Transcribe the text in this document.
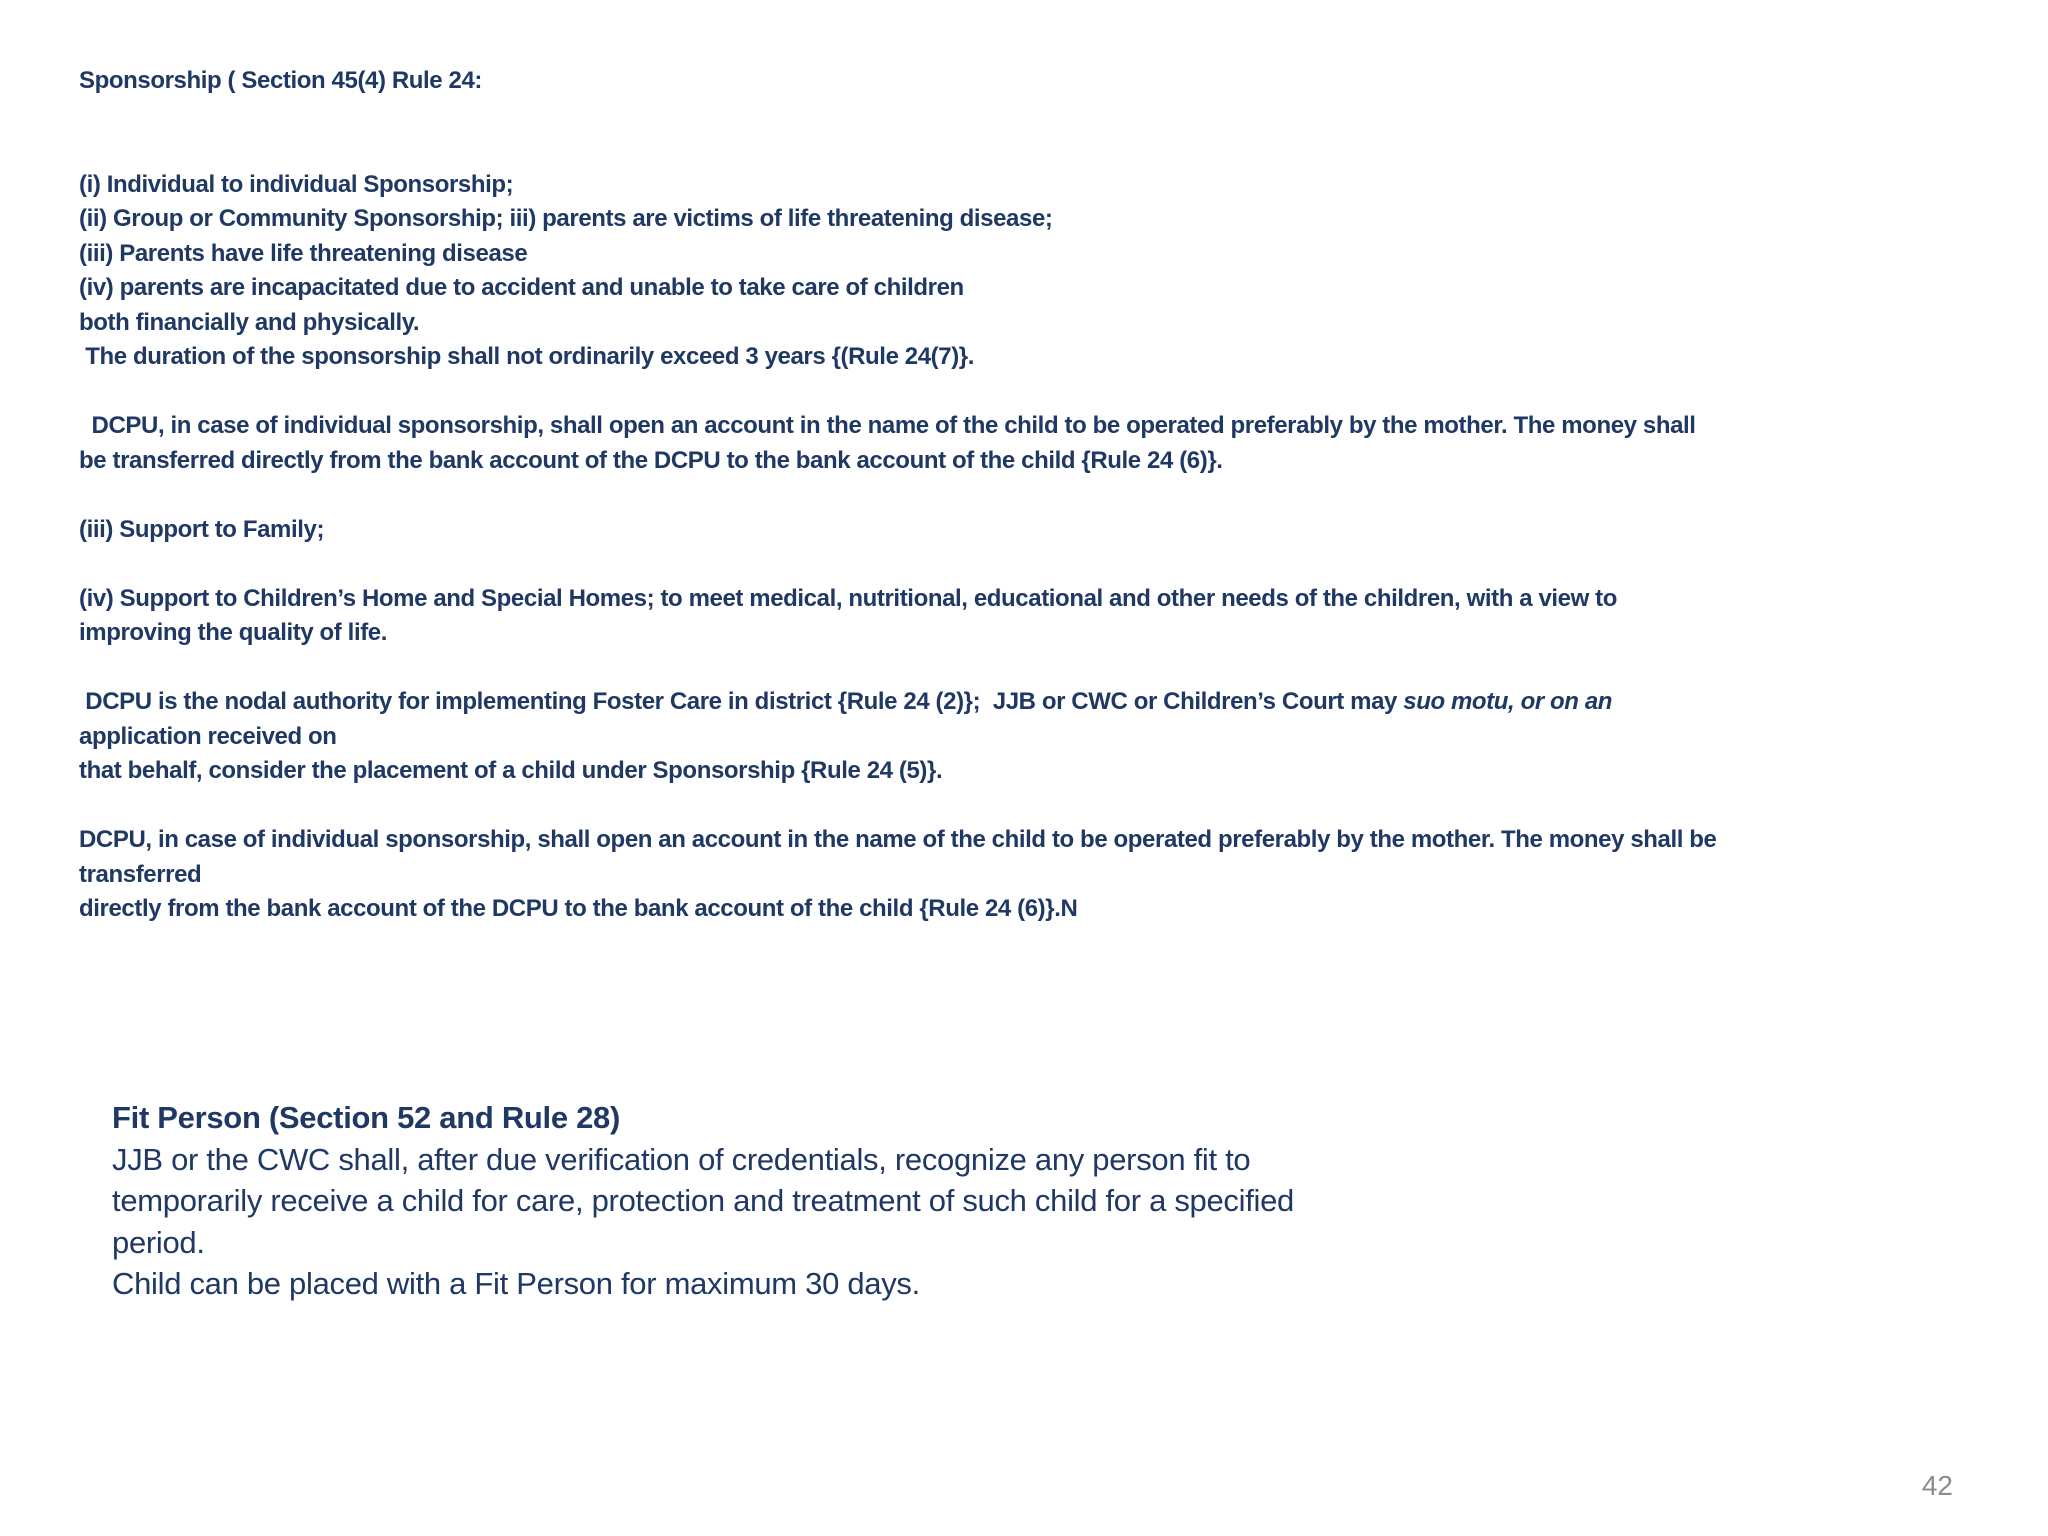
Sponsorship ( Section 45(4) Rule 24:
(i) Individual to individual Sponsorship;
(ii) Group or Community Sponsorship; iii) parents are victims of life threatening disease;
(iii) Parents have life threatening disease
(iv) parents are incapacitated due to accident and unable to take care of children
both financially and physically.
The duration of the sponsorship shall not ordinarily exceed 3 years {(Rule 24(7)}.
DCPU, in case of individual sponsorship, shall open an account in the name of the child to be operated preferably by the mother. The money shall
be transferred directly from the bank account of the DCPU to the bank account of the child {Rule 24 (6)}.
(iii) Support to Family;
(iv) Support to Children’s Home and Special Homes; to meet medical, nutritional, educational and other needs of the children, with a view to
improving the quality of life.
DCPU is the nodal authority for implementing Foster Care in district {Rule 24 (2)};  JJB or CWC or Children’s Court may suo motu, or on an
application received on
that behalf, consider the placement of a child under Sponsorship {Rule 24 (5)}.
DCPU, in case of individual sponsorship, shall open an account in the name of the child to be operated preferably by the mother. The money shall be
transferred
directly from the bank account of the DCPU to the bank account of the child {Rule 24 (6)}.N
Fit Person (Section 52 and Rule 28)
JJB or the CWC shall, after due verification of credentials, recognize any person fit to
temporarily receive a child for care, protection and treatment of such child for a specified
period.
Child can be placed with a Fit Person for maximum 30 days.
42
